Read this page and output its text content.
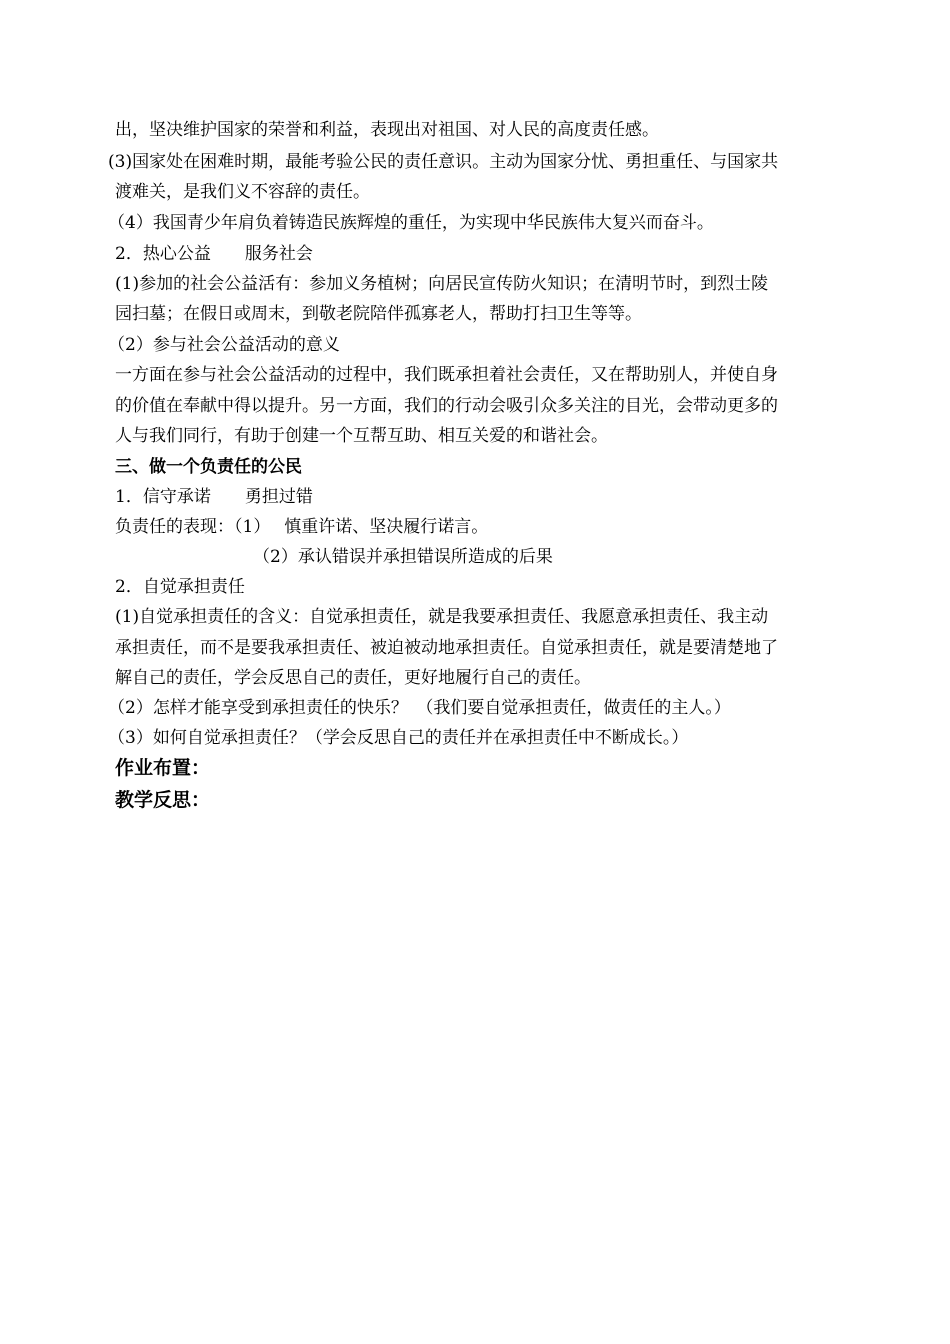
出，坚决维护国家的荣誉和利益，表现出对祖国、对人民的高度责任感。
(3)国家处在困难时期，最能考验公民的责任意识。主动为国家分忧、勇担重任、与国家共
渡难关，是我们义不容辞的责任。
（4）我国青少年肩负着铸造民族辉煌的重任，为实现中华民族伟大复兴而奋斗。
2．热心公益　　服务社会
(1)参加的社会公益活有：参加义务植树；向居民宣传防火知识；在清明节时，到烈士陵
园扫墓；在假日或周末，到敬老院陪伴孤寡老人，帮助打扫卫生等等。
（2）参与社会公益活动的意义
一方面在参与社会公益活动的过程中，我们既承担着社会责任，又在帮助别人，并使自身
的价值在奉献中得以提升。另一方面，我们的行动会吸引众多关注的目光，会带动更多的
人与我们同行，有助于创建一个互帮互助、相互关爱的和谐社会。
三、做一个负责任的公民
1．信守承诺　　勇担过错
负责任的表现：（1）　 慎重许诺、坚决履行诺言。
（2）承认错误并承担错误所造成的后果
2．自觉承担责任
(1)自觉承担责任的含义：自觉承担责任，就是我要承担责任、我愿意承担责任、我主动
承担责任，而不是要我承担责任、被迫被动地承担责任。自觉承担责任，就是要清楚地了
解自己的责任，学会反思自己的责任，更好地履行自己的责任。
（2）怎样才能享受到承担责任的快乐？　（我们要自觉承担责任，做责任的主人。）
（3）如何自觉承担责任？（学会反思自己的责任并在承担责任中不断成长。）
作业布置：
教学反思：
